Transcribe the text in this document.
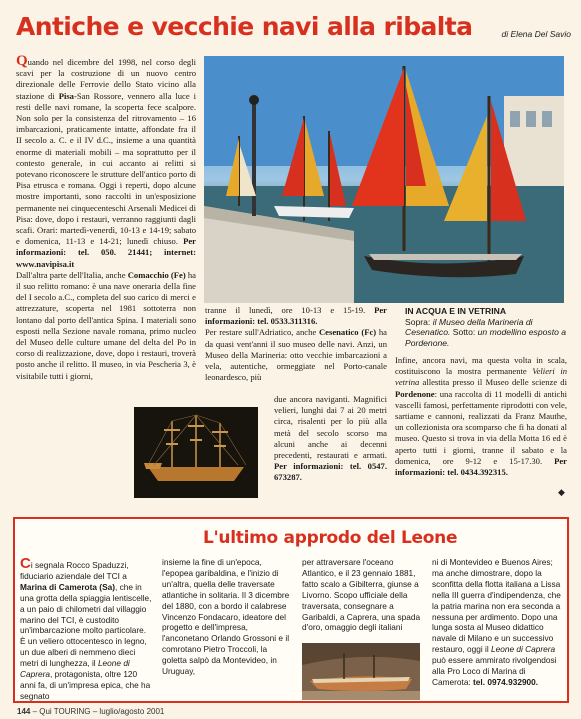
Antiche e vecchie navi alla ribalta	di Elena Del Savio

Quando nel dicembre del 1998, nel corso degli scavi per la costruzione di un nuovo centro direzionale delle Ferrovie dello Stato vicino alla stazione di Pisa-San Rossore, vennero alla luce i resti delle navi romane, la scoperta fece scalpore. Non solo per la consistenza del ritrovamento – 16 imbarcazioni, praticamente intatte, affondate fra il II secolo a. C. e il IV d.C., insieme a una quantità enorme di materiali mobili – ma soprattutto per il contesto generale, in cui accanto ai relitti si potevano riconoscere le strutture dell'antico porto di Pisa etrusca e romana. Oggi i reperti, dopo alcune mostre importanti, sono raccolti in un'esposizione permanente nei cinquecenteschi Arsenali Medicei di Pisa: dove, dopo i restauri, verranno raggiunti dagli scafi. Orari: martedì-venerdì, 10-13 e 14-19; sabato e domenica, 11-13 e 14-21; lunedì chiuso. Per informazioni: tel. 050. 21441; internet: www.navipisa.it

Dall'altra parte dell'Italia, anche Comacchio (Fe) ha il suo relitto romano: è una nave oneraria della fine del I secolo a.C., completa del suo carico di merci e attrezzature, scoperta nel 1981 sottoterra non lontano dal porto dell'antica Spina. I materiali sono esposti nella Sezione navale romana, primo nucleo del Museo delle culture umane del delta del Po in corso di realizzazione, dove, dopo i restauri, troverà posto anche il relitto. Il museo, in via Pescheria 3, è visitabile tutti i giorni,

tranne il lunedì, ore 10-13 e 15-19. Per informazioni: tel. 0533.311316.

Per restare sull'Adriatico, anche Cesenatico (Fc) ha da quasi vent'anni il suo museo delle navi. Anzi, un Museo della Marineria: otto vecchie imbarcazioni a vela, autentiche, ormeggiate nel Porto-canale leonardesco, più

due ancora naviganti. Magnifici velieri, lunghi dai 7 ai 20 metri circa, risalenti per lo più alla metà del secolo scorso ma alcuni anche ai decenni precedenti, restaurati e armati. Per informazioni: tel. 0547. 673287.

IN ACQUA E IN VETRINA
Sopra: il Museo della Marineria di Cesenatico. Sotto: un modellino esposto a Pordenone.

Infine, ancora navi, ma questa volta in scala, costituiscono la mostra permanente Velieri in vetrina allestita presso il Museo delle scienze di Pordenone: una raccolta di 11 modelli di antichi vascelli famosi, perfettamente riprodotti con vele, sartiame e cannoni, realizzati da Franz Mauthe, un collezionista ora scomparso che fi ha donati al museo. Questo si trova in via della Motta 16 ed è aperto tutti i giorni, tranne il sabato e la domenica, ore 9-12 e 15-17.30. Per informazioni: tel. 0434.392315.

◆
L'ultimo approdo del Leone
Ci segnala Rocco Spaduzzi, fiduciario aziendale del TCI a Marina di Camerota (Sa), che in una grotta della spiaggia lentiscelle, a un paio di chilometri dal villaggio marino del TCI, è custodito un'imbarcazione molto particolare. È un veliero ottocentesco in legno, un due alberi di nemmeno dieci metri di lunghezza, il Leone di Caprera, protagonista, oltre 120 anni fa, di un'impresa epica, che ha segnato
insieme la fine di un'epoca, l'epopea garibaldina, e l'inizio di un'altra, quella delle traversate atlantiche in solitaria. Il 3 dicembre del 1880, con a bordo il calabrese Vincenzo Fondacaro, ideatore del progetto e dell'impresa, l'anconetano Orlando Grossoni e il comrotano Pietro Troccoli, la goletta salpò da Montevideo, in Uruguay,
per attraversare l'oceano Atlantico, e il 23 gennaio 1881, fatto scalo a Gibilterra, giunse a Livorno. Scopo ufficiale della traversata, consegnare a Garibaldi, a Caprera, una spada d'oro, omaggio degli italiani
ni di Montevideo e Buenos Aires; ma anche dimostrare, dopo la sconfitta della flotta italiana a Lissa nella III guerra d'indipendenza, che la patria marina non era seconda a nessuna per ardimento. Dopo una lunga sosta al Museo didattico navale di Milano e un successivo restauro, oggi il Leone di Caprera può essere ammirato rivolgendosi alla Pro Loco di Marina di Camerota: tel. 0974.932900.
144 – Qui TOURING – luglio/agosto 2001
